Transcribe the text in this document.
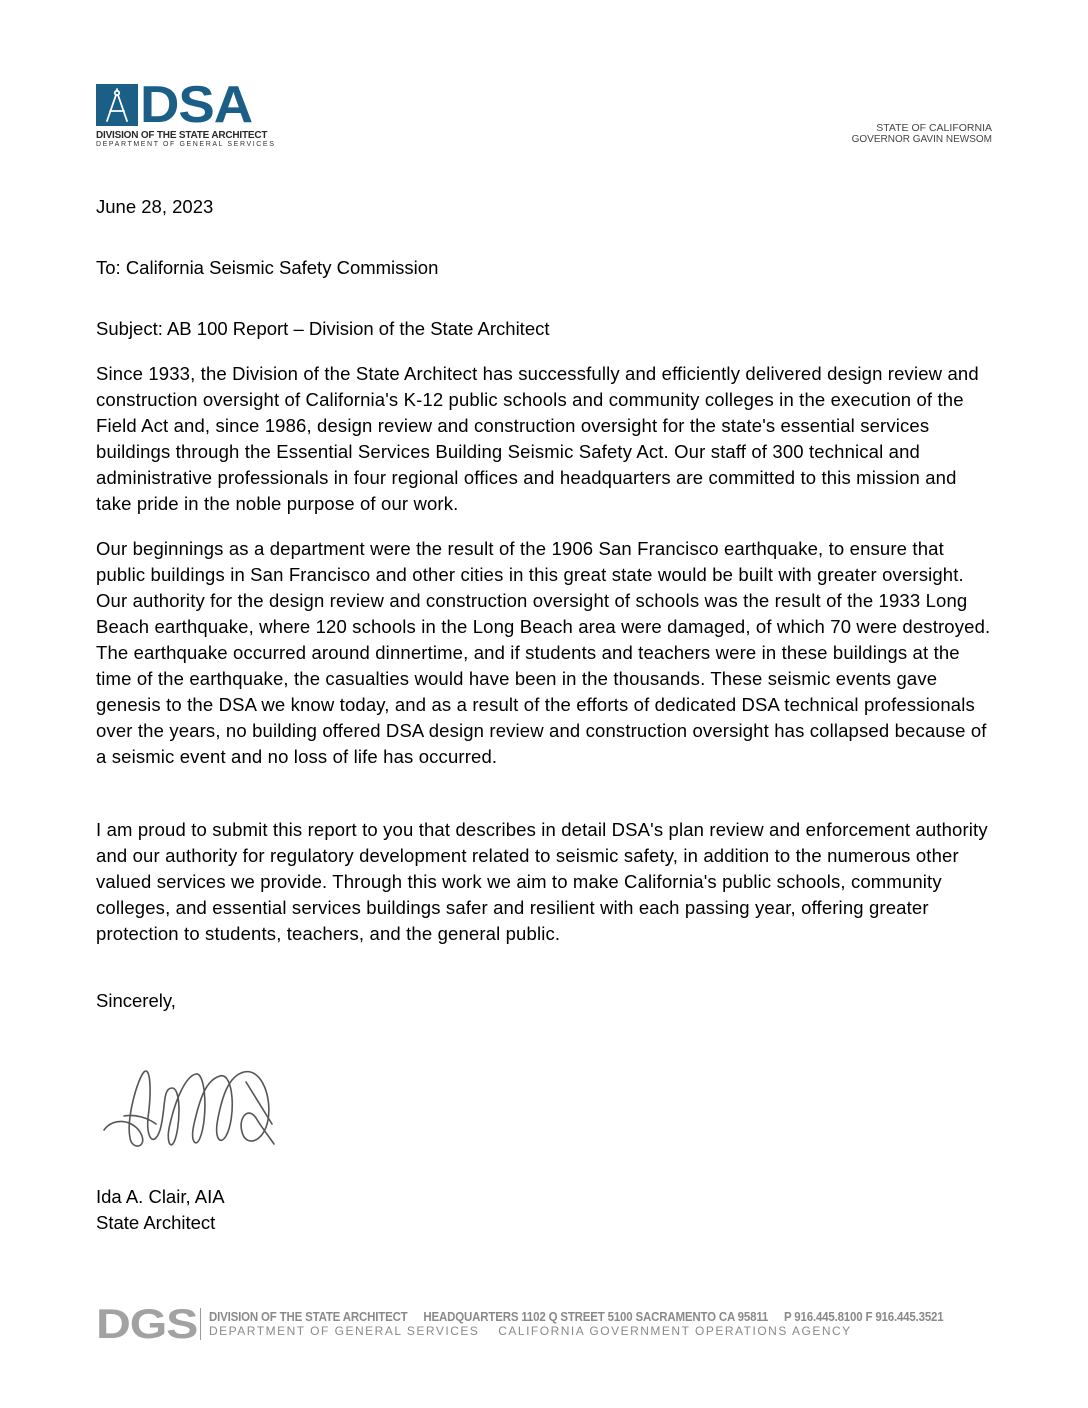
DSA
DIVISION OF THE STATE ARCHITECT
DEPARTMENT OF GENERAL SERVICES
STATE OF CALIFORNIA
GOVERNOR GAVIN NEWSOM
June 28, 2023
To: California Seismic Safety Commission
Subject: AB 100 Report – Division of the State Architect
Since 1933, the Division of the State Architect has successfully and efficiently delivered design review and construction oversight of California's K-12 public schools and community colleges in the execution of the Field Act and, since 1986, design review and construction oversight for the state's essential services buildings through the Essential Services Building Seismic Safety Act. Our staff of 300 technical and administrative professionals in four regional offices and headquarters are committed to this mission and take pride in the noble purpose of our work.
Our beginnings as a department were the result of the 1906 San Francisco earthquake, to ensure that public buildings in San Francisco and other cities in this great state would be built with greater oversight. Our authority for the design review and construction oversight of schools was the result of the 1933 Long Beach earthquake, where 120 schools in the Long Beach area were damaged, of which 70 were destroyed. The earthquake occurred around dinnertime, and if students and teachers were in these buildings at the time of the earthquake, the casualties would have been in the thousands. These seismic events gave genesis to the DSA we know today, and as a result of the efforts of dedicated DSA technical professionals over the years, no building offered DSA design review and construction oversight has collapsed because of a seismic event and no loss of life has occurred.
I am proud to submit this report to you that describes in detail DSA's plan review and enforcement authority and our authority for regulatory development related to seismic safety, in addition to the numerous other valued services we provide. Through this work we aim to make California's public schools, community colleges, and essential services buildings safer and resilient with each passing year, offering greater protection to students, teachers, and the general public.
Sincerely,
Ida A. Clair, AIA
State Architect
DGS DIVISION OF THE STATE ARCHITECT HEADQUARTERS 1102 Q STREET 5100 SACRAMENTO CA 95811 P 916.445.8100 F 916.445.3521
DEPARTMENT OF GENERAL SERVICES CALIFORNIA GOVERNMENT OPERATIONS AGENCY
